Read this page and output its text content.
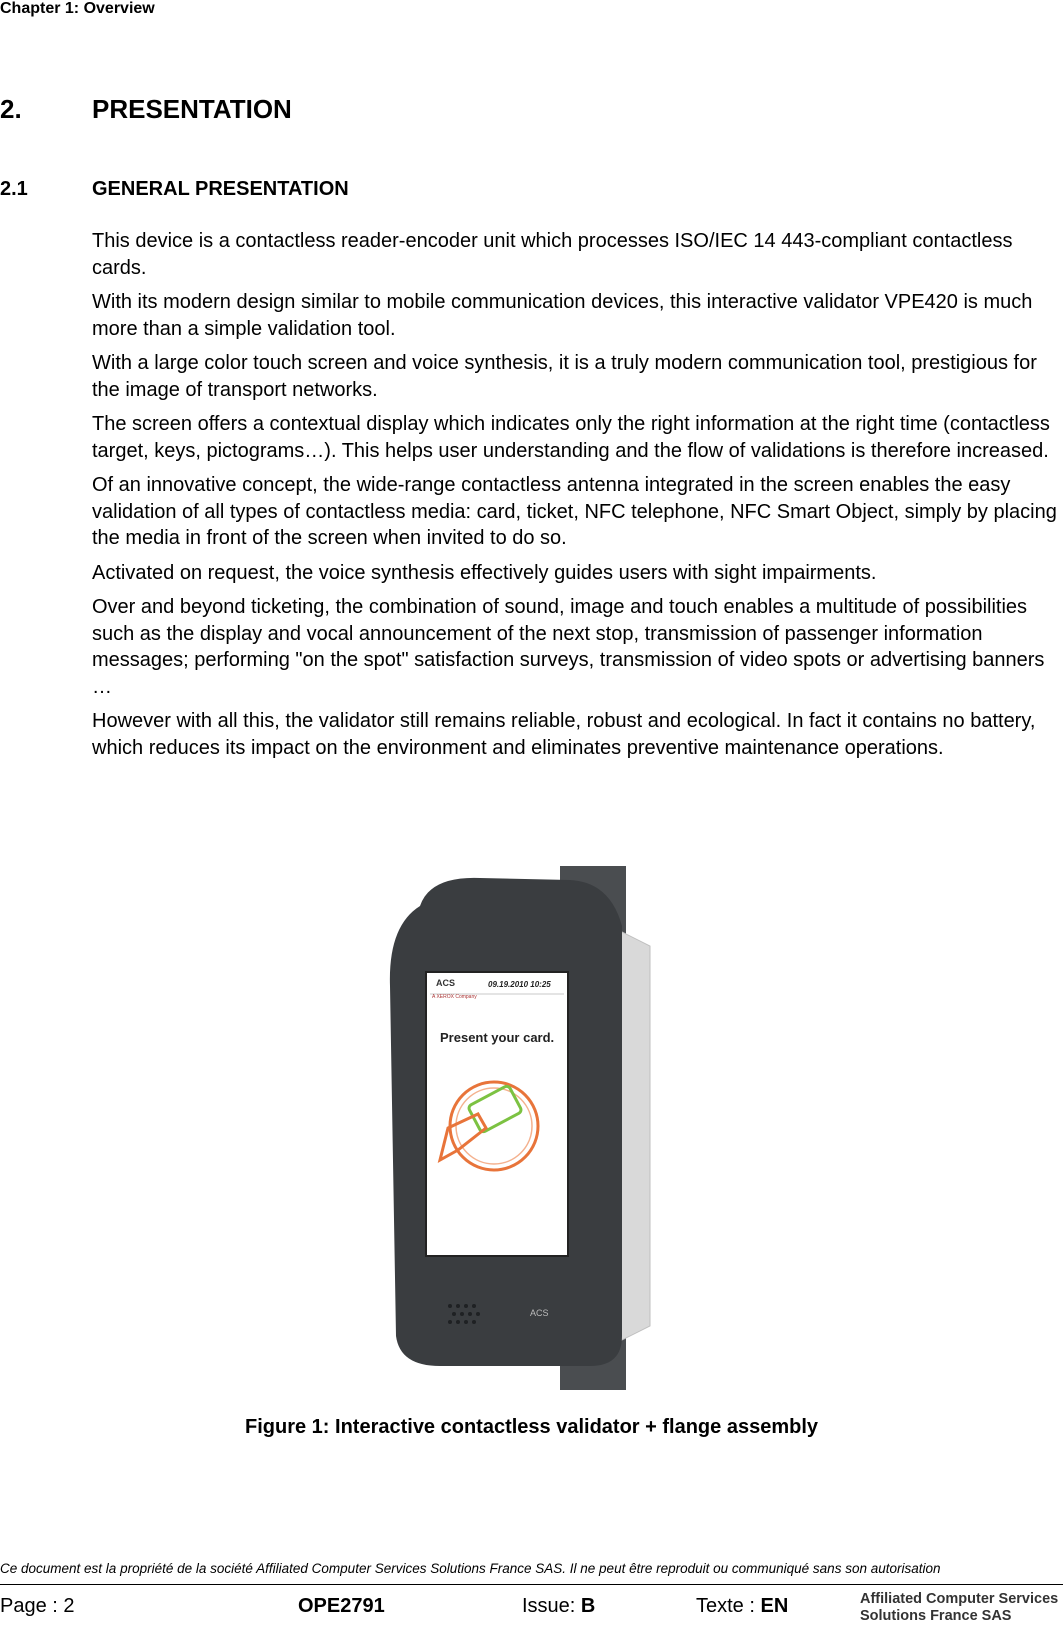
Chapter 1: Overview
2.	PRESENTATION
2.1	GENERAL PRESENTATION

This device is a contactless reader-encoder unit which processes ISO/IEC 14 443-compliant contactless cards.

With its modern design similar to mobile communication devices, this interactive validator VPE420 is much more than a simple validation tool.

With a large color touch screen and voice synthesis, it is a truly modern communication tool, prestigious for the image of transport networks.

The screen offers a contextual display which indicates only the right information at the right time (contactless target, keys, pictograms…). This helps user understanding and the flow of validations is therefore increased.

Of an innovative concept, the wide-range contactless antenna integrated in the screen enables the easy validation of all types of contactless media: card, ticket, NFC telephone, NFC Smart Object, simply by placing the media in front of the screen when invited to do so.

Activated on request, the voice synthesis effectively guides users with sight impairments.

Over and beyond ticketing, the combination of sound, image and touch enables a multitude of possibilities such as the display and vocal announcement of the next stop, transmission of passenger information messages; performing "on the spot" satisfaction surveys, transmission of video spots or advertising banners …

However with all this, the validator still remains reliable, robust and ecological. In fact it contains no battery, which reduces its impact on the environment and eliminates preventive maintenance operations.

ACS
A XEROX Company
09.19.2010 10:25
Present your card.
ACS
Figure 1: Interactive contactless validator + flange assembly
Ce document est la propriété de la société Affiliated Computer Services Solutions France SAS. Il ne peut être reproduit ou communiqué sans son autorisation
Page : 2	OPE2791	Issue: B	Texte : EN	Affiliated Computer Services
Solutions France SAS
